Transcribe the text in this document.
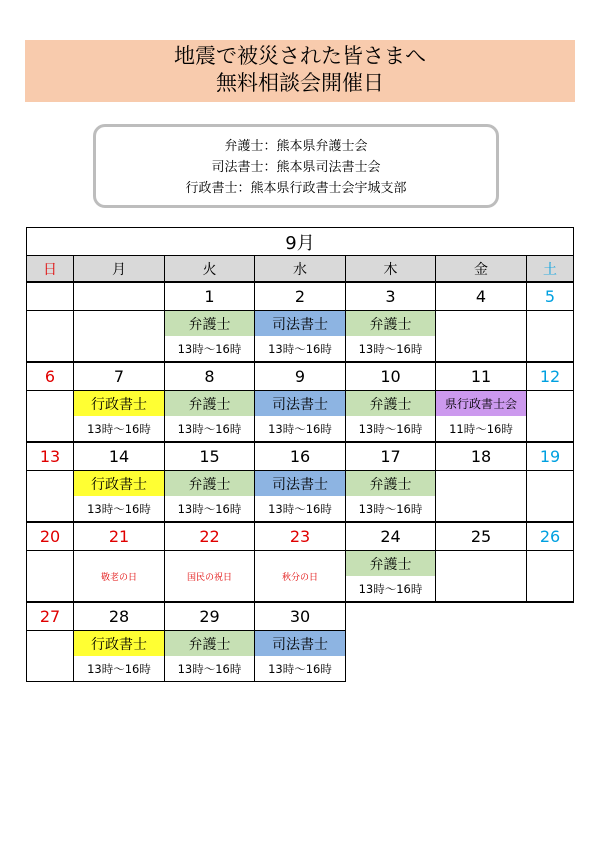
地震で被災された皆さまへ
無料相談会開催日
弁護士：熊本県弁護士会
司法書士：熊本県司法書士会
行政書士：熊本県行政書士会宇城支部
9月						
日	月	火	水	木	金	土
		1	2	3	4	5
		弁護士	司法書士	弁護士		
		13時～16時	13時～16時	13時～16時		
6	7	8	9	10	11	12
	行政書士	弁護士	司法書士	弁護士	県行政書士会	
	13時～16時	13時～16時	13時～16時	13時～16時	11時～16時	
13	14	15	16	17	18	19
	行政書士	弁護士	司法書士	弁護士		
	13時～16時	13時～16時	13時～16時	13時～16時		
20	21	22	23	24	25	26
	敬老の日	国民の祝日	秋分の日	弁護士		
				13時～16時		
27	28	29	30			
	行政書士	弁護士	司法書士			
	13時～16時	13時～16時	13時～16時			
